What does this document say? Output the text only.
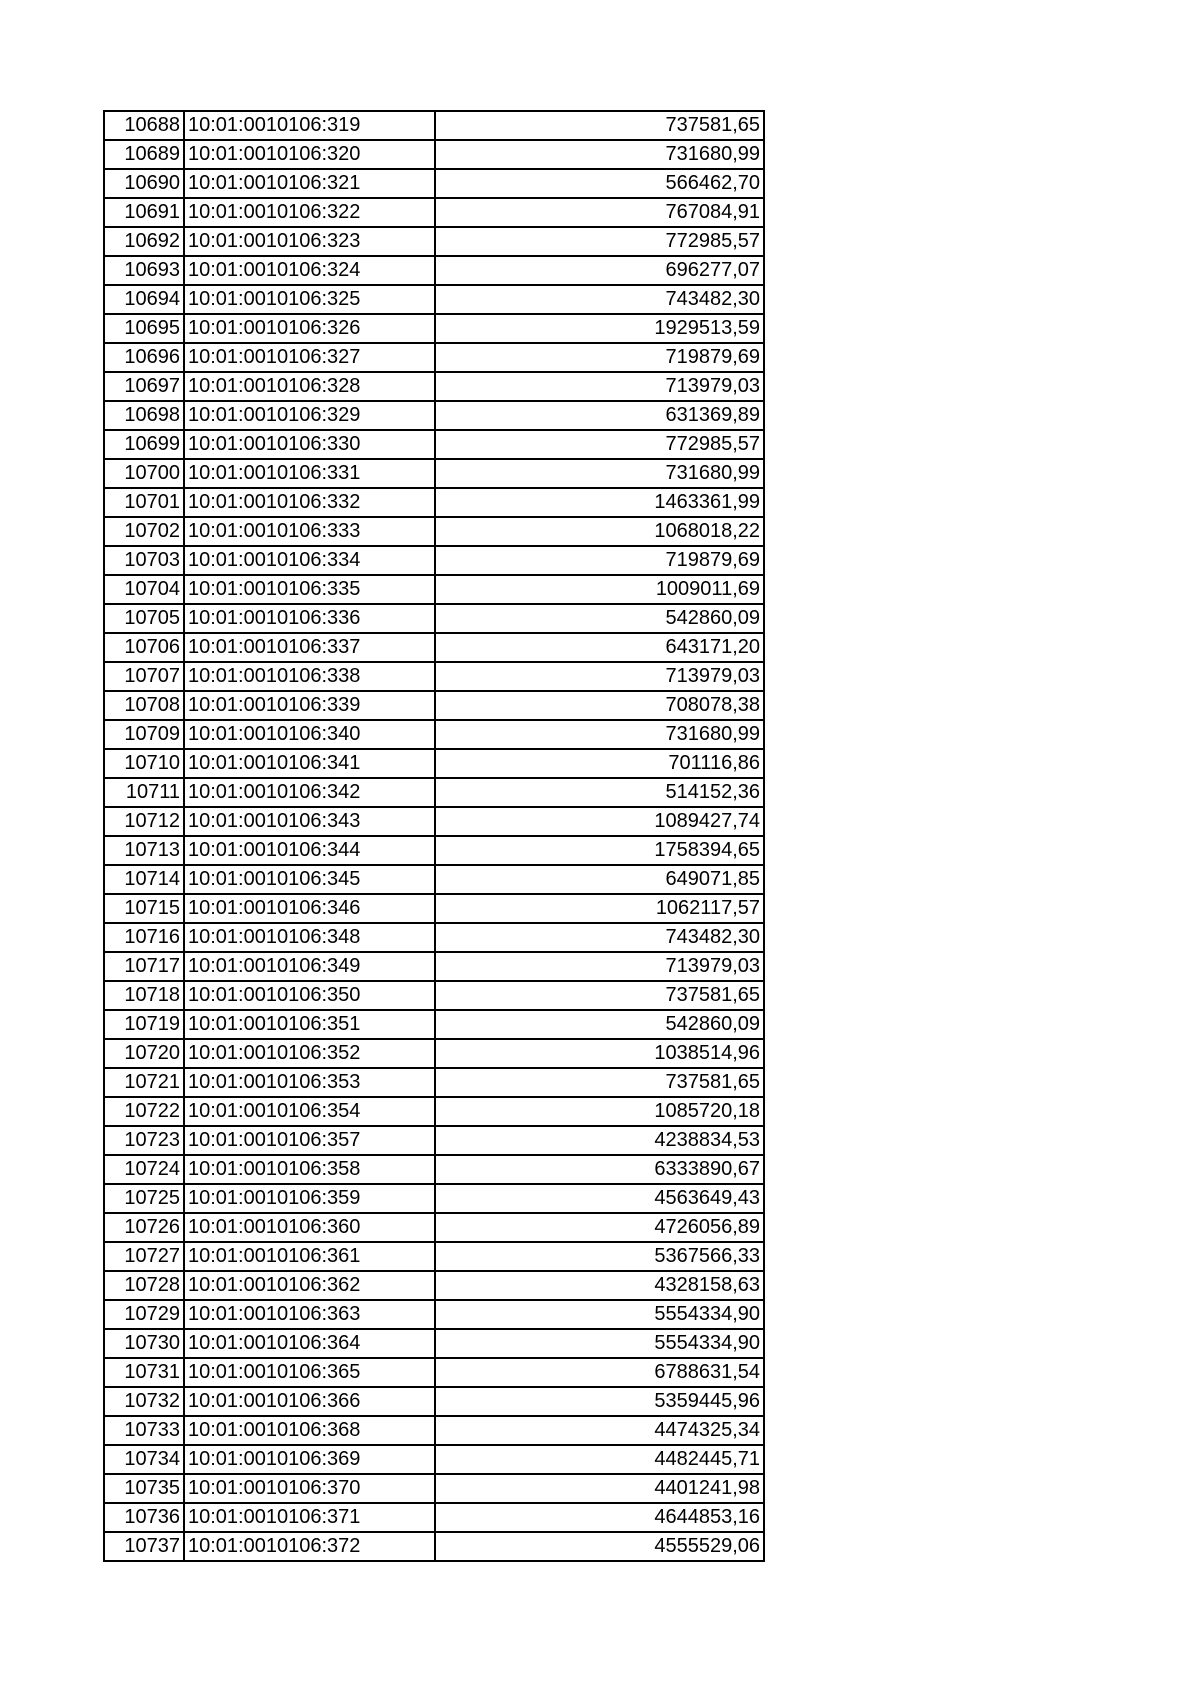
10688	10:01:0010106:319	737581,65
10689	10:01:0010106:320	731680,99
10690	10:01:0010106:321	566462,70
10691	10:01:0010106:322	767084,91
10692	10:01:0010106:323	772985,57
10693	10:01:0010106:324	696277,07
10694	10:01:0010106:325	743482,30
10695	10:01:0010106:326	1929513,59
10696	10:01:0010106:327	719879,69
10697	10:01:0010106:328	713979,03
10698	10:01:0010106:329	631369,89
10699	10:01:0010106:330	772985,57
10700	10:01:0010106:331	731680,99
10701	10:01:0010106:332	1463361,99
10702	10:01:0010106:333	1068018,22
10703	10:01:0010106:334	719879,69
10704	10:01:0010106:335	1009011,69
10705	10:01:0010106:336	542860,09
10706	10:01:0010106:337	643171,20
10707	10:01:0010106:338	713979,03
10708	10:01:0010106:339	708078,38
10709	10:01:0010106:340	731680,99
10710	10:01:0010106:341	701116,86
10711	10:01:0010106:342	514152,36
10712	10:01:0010106:343	1089427,74
10713	10:01:0010106:344	1758394,65
10714	10:01:0010106:345	649071,85
10715	10:01:0010106:346	1062117,57
10716	10:01:0010106:348	743482,30
10717	10:01:0010106:349	713979,03
10718	10:01:0010106:350	737581,65
10719	10:01:0010106:351	542860,09
10720	10:01:0010106:352	1038514,96
10721	10:01:0010106:353	737581,65
10722	10:01:0010106:354	1085720,18
10723	10:01:0010106:357	4238834,53
10724	10:01:0010106:358	6333890,67
10725	10:01:0010106:359	4563649,43
10726	10:01:0010106:360	4726056,89
10727	10:01:0010106:361	5367566,33
10728	10:01:0010106:362	4328158,63
10729	10:01:0010106:363	5554334,90
10730	10:01:0010106:364	5554334,90
10731	10:01:0010106:365	6788631,54
10732	10:01:0010106:366	5359445,96
10733	10:01:0010106:368	4474325,34
10734	10:01:0010106:369	4482445,71
10735	10:01:0010106:370	4401241,98
10736	10:01:0010106:371	4644853,16
10737	10:01:0010106:372	4555529,06
